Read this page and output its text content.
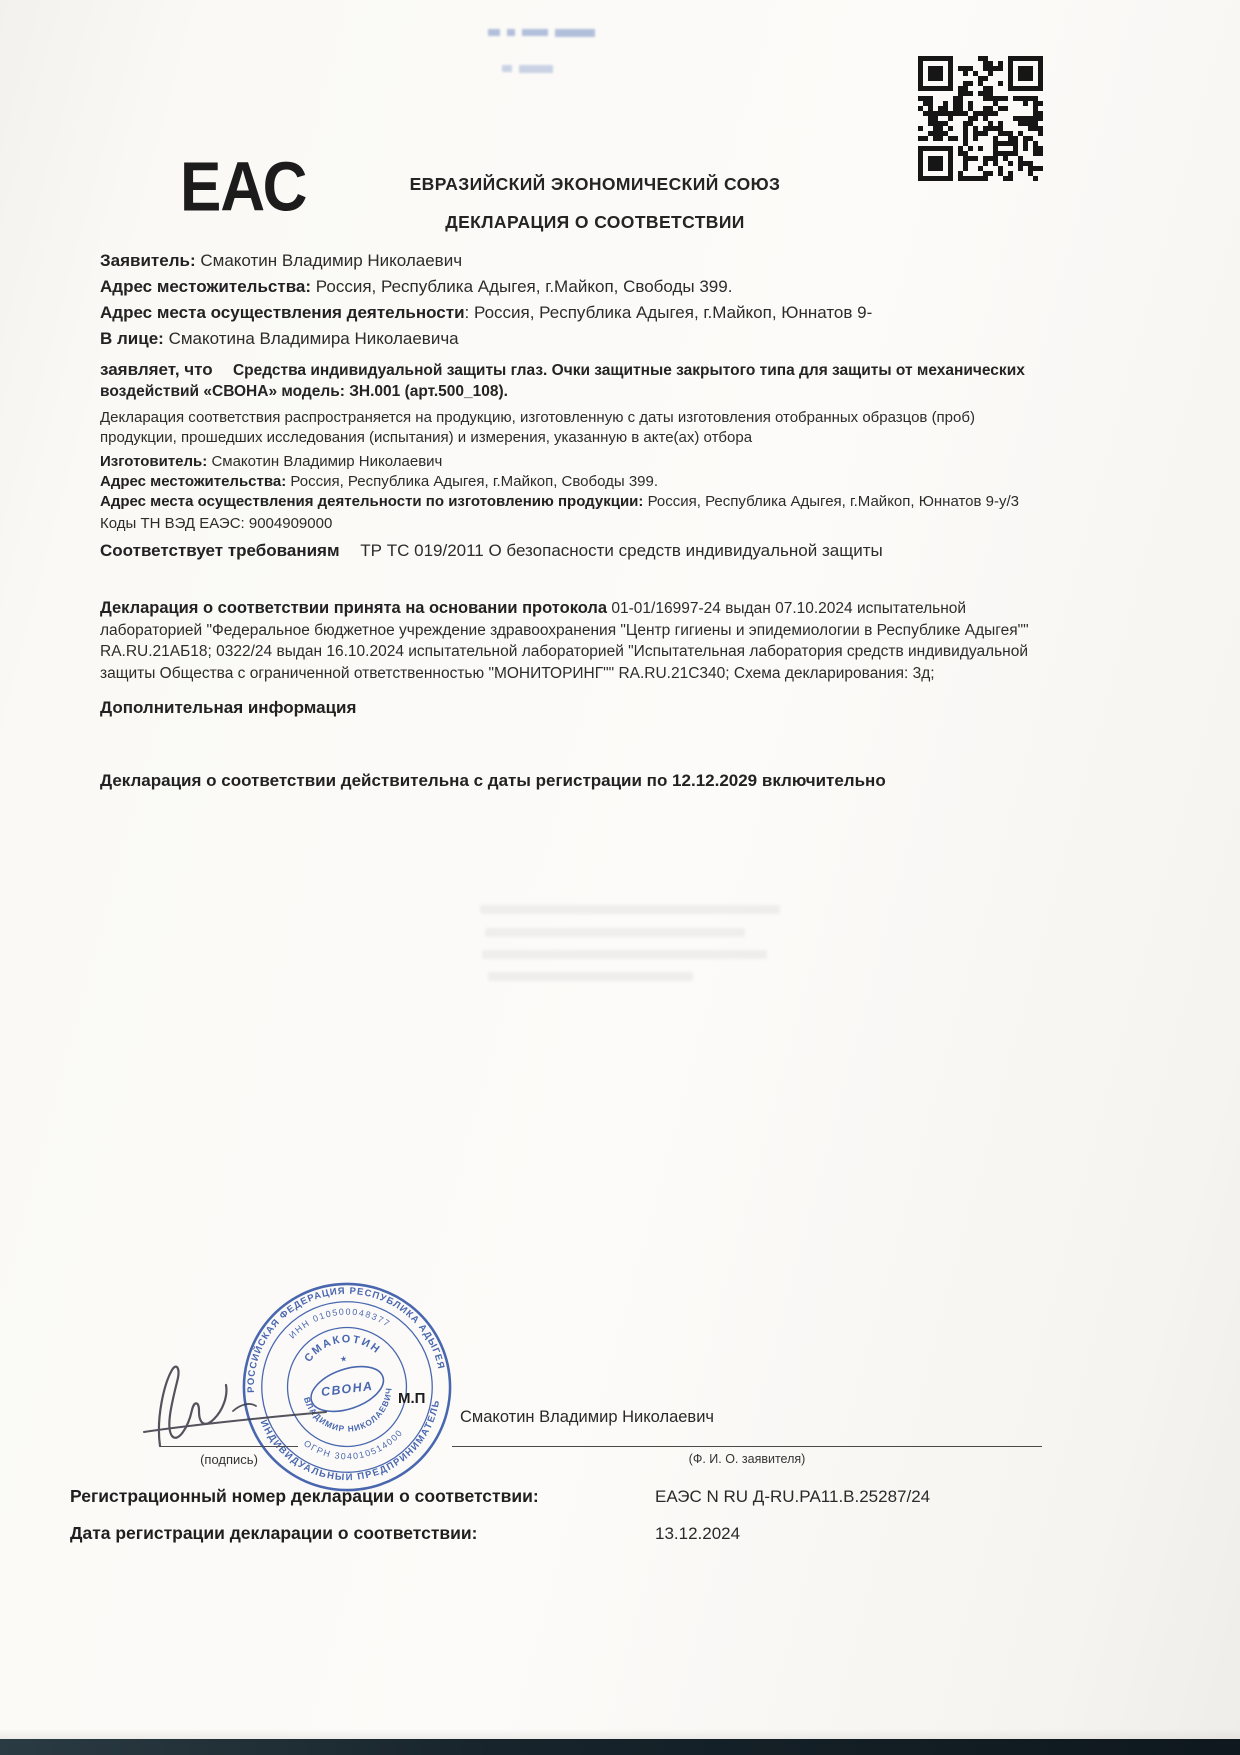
ЕАС	ЕВРАЗИЙСКИЙ ЭКОНОМИЧЕСКИЙ СОЮЗ
ДЕКЛАРАЦИЯ О СООТВЕТСТВИИ

Заявитель: Смакотин Владимир Николаевич

Адрес местожительства: Россия, Республика Адыгея, г.Майкоп, Свободы 399.

Адрес места осуществления деятельности: Россия, Республика Адыгея, г.Майкоп, Юннатов 9-

В лице: Смакотина Владимира Николаевича

заявляет, что Средства индивидуальной защиты глаз. Очки защитные закрытого типа для защиты от механических воздействий «СВОНА» модель: ЗН.001 (арт.500_108).

Декларация соответствия распространяется на продукцию, изготовленную с даты изготовления отобранных образцов (проб) продукции, прошедших исследования (испытания) и измерения, указанную в акте(ах) отбора

Изготовитель: Смакотин Владимир Николаевич

Адрес местожительства: Россия, Республика Адыгея, г.Майкоп, Свободы 399.

Адрес места осуществления деятельности по изготовлению продукции: Россия, Республика Адыгея, г.Майкоп, Юннатов 9-у/3

Коды ТН ВЭД ЕАЭС: 9004909000

Соответствует требованиям ТР ТС 019/2011 О безопасности средств индивидуальной защиты

Декларация о соответствии принята на основании протокола 01-01/16997-24 выдан 07.10.2024 испытательной лабораторией "Федеральное бюджетное учреждение здравоохранения "Центр гигиены и эпидемиологии в Республике Адыгея"" RA.RU.21АБ18; 0322/24 выдан 16.10.2024 испытательной лабораторией "Испытательная лаборатория средств индивидуальной защиты Общества с ограниченной ответственностью "МОНИТОРИНГ"" RA.RU.21С340; Схема декларирования: 3д;

Дополнительная информация

Декларация о соответствии действительна с даты регистрации по 12.12.2029 включительно

РОССИЙСКАЯ ФЕДЕРАЦИЯ РЕСПУБЛИКА АДЫГЕЯ
ИНДИВИДУАЛЬНЫЙ ПРЕДПРИНИМАТЕЛЬ
ИНН 010500048377
ОГРН 304010514000
СМАКОТИН
ВЛАДИМИР НИКОЛАЕВИЧ
★
СВОНА М.П
(подпись)
Смакотин Владимир Николаевич
(Ф. И. О. заявителя)
Регистрационный номер декларации о соответствии:	ЕАЭС N RU Д-RU.РА11.В.25287/24
Дата регистрации декларации о соответствии:	13.12.2024
